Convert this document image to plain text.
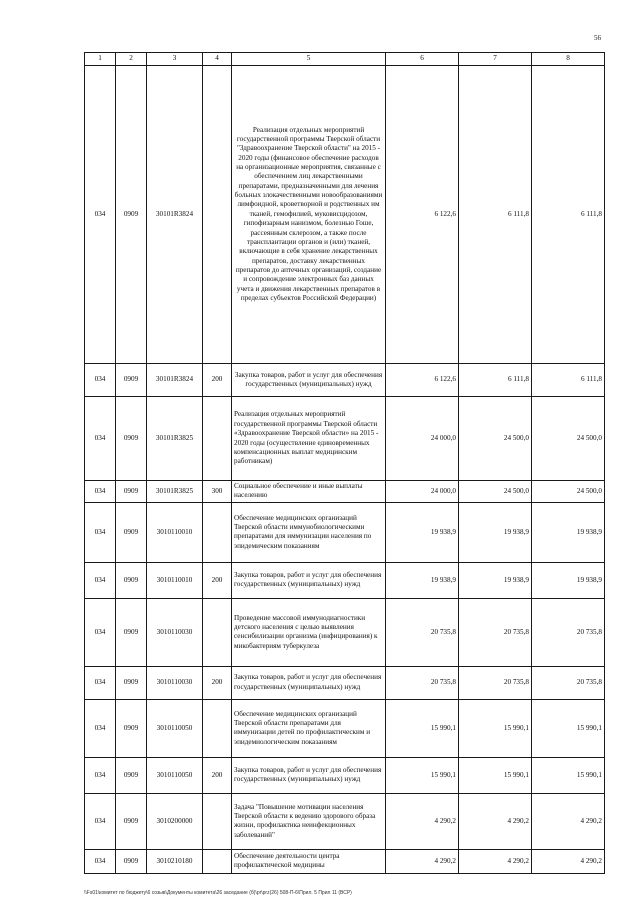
56
1	2	3	4	5	6	7	8
034	0909	30101R3824		Реализация отдельных мероприятий государственной программы Тверской области "Здравоохранение Тверской области" на 2015 - 2020 годы (финансовое обеспечение расходов на организационные мероприятия, связанные с обеспечением лиц лекарственными препаратами, предназначенными для лечения больных злокачественными новообразованиями лимфоидной, кроветворной и родственных им тканей, гемофилией, муковисцидозом, гипофизарным нанизмом, болезнью Гоше, рассеянным склерозом, а также после трансплантации органов и (или) тканей, включающие в себя хранение лекарственных препаратов, доставку лекарственных препаратов до аптечных организаций, создание и сопровождение электронных баз данных учета и движения лекарственных препаратов в пределах субъектов Российской Федерации)	6 122,6	6 111,8	6 111,8
034	0909	30101R3824	200	Закупка товаров, работ и услуг для обеспечения государственных (муниципальных) нужд	6 122,6	6 111,8	6 111,8
034	0909	30101R3825		Реализация отдельных мероприятий государственной программы Тверской области «Здравоохранение Тверской области» на 2015 - 2020 годы (осуществление единовременных компенсационных выплат медицинским работникам)	24 000,0	24 500,0	24 500,0
034	0909	30101R3825	300	Социальное обеспечение и иные выплаты населению	24 000,0	24 500,0	24 500,0
034	0909	3010110010		Обеспечение медицинских организаций Тверской области иммунобиологическими препаратами для иммунизации населения по эпидемическим показаниям	19 938,9	19 938,9	19 938,9
034	0909	3010110010	200	Закупка товаров, работ и услуг для обеспечения государственных (муниципальных) нужд	19 938,9	19 938,9	19 938,9
034	0909	3010110030		Проведение массовой иммунодиагностики детского населения с целью выявления сенсибилизации организма (инфицирования) к микобактериям туберкулеза	20 735,8	20 735,8	20 735,8
034	0909	3010110030	200	Закупка товаров, работ и услуг для обеспечения государственных (муниципальных) нужд	20 735,8	20 735,8	20 735,8
034	0909	3010110050		Обеспечение медицинских организаций Тверской области препаратами для иммунизации детей по профилактическим и эпидемиологическим показаниям	15 990,1	15 990,1	15 990,1
034	0909	3010110050	200	Закупка товаров, работ и услуг для обеспечения государственных (муниципальных) нужд	15 990,1	15 990,1	15 990,1
034	0909	3010200000		Задача "Повышение мотивации населения Тверской области к ведению здорового образа жизни, профилактика неинфекционных заболеваний"	4 290,2	4 290,2	4 290,2
034	0909	3010210180		Обеспечение деятельности центра профилактической медицины	4 290,2	4 290,2	4 290,2
\\Fs01\комитет по бюджету\6 созыв\Документы комитета\26 заседание (б)\pr\prz(26) 508-П-6\Прил. 5 Прил 11 (ВСР)
